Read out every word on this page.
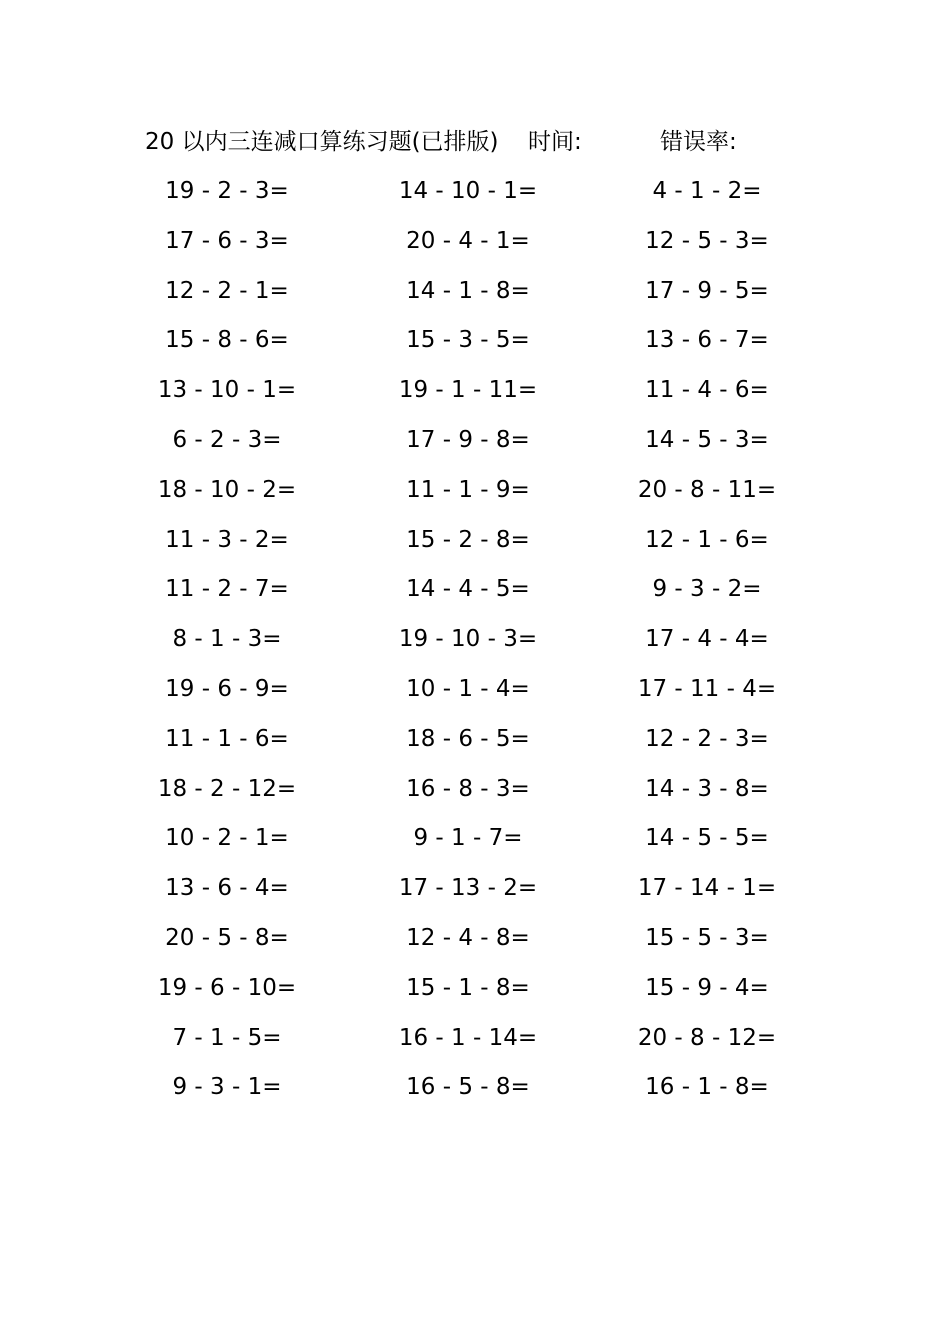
20 以内三连减口算练习题(已排版) 时间:	错误率:
19 - 2 - 3=	14 - 10 - 1=	4 - 1 - 2=
17 - 6 - 3=	20 - 4 - 1=	12 - 5 - 3=
12 - 2 - 1=	14 - 1 - 8=	17 - 9 - 5=
15 - 8 - 6=	15 - 3 - 5=	13 - 6 - 7=
13 - 10 - 1=	19 - 1 - 11=	11 - 4 - 6=
6 - 2 - 3=	17 - 9 - 8=	14 - 5 - 3=
18 - 10 - 2=	11 - 1 - 9=	20 - 8 - 11=
11 - 3 - 2=	15 - 2 - 8=	12 - 1 - 6=
11 - 2 - 7=	14 - 4 - 5=	9 - 3 - 2=
8 - 1 - 3=	19 - 10 - 3=	17 - 4 - 4=
19 - 6 - 9=	10 - 1 - 4=	17 - 11 - 4=
11 - 1 - 6=	18 - 6 - 5=	12 - 2 - 3=
18 - 2 - 12=	16 - 8 - 3=	14 - 3 - 8=
10 - 2 - 1=	9 - 1 - 7=	14 - 5 - 5=
13 - 6 - 4=	17 - 13 - 2=	17 - 14 - 1=
20 - 5 - 8=	12 - 4 - 8=	15 - 5 - 3=
19 - 6 - 10=	15 - 1 - 8=	15 - 9 - 4=
7 - 1 - 5=	16 - 1 - 14=	20 - 8 - 12=
9 - 3 - 1=	16 - 5 - 8=	16 - 1 - 8=
